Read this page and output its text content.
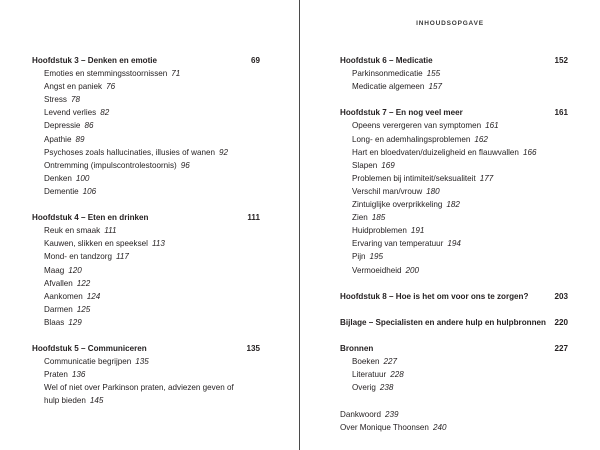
INHOUDSOPGAVE
Hoofdstuk 3 – Denken en emotie	69
Emoties en stemmingsstoornissen 71
Angst en paniek 76
Stress 78
Levend verlies 82
Depressie 86
Apathie 89
Psychoses zoals hallucinaties, illusies of wanen 92
Ontremming (impulscontrolestoornis) 96
Denken 100
Dementie 106
Hoofdstuk 4 – Eten en drinken	111
Reuk en smaak 111
Kauwen, slikken en speeksel 113
Mond- en tandzorg 117
Maag 120
Afvallen 122
Aankomen 124
Darmen 125
Blaas 129
Hoofdstuk 5 – Communiceren	135
Communicatie begrijpen 135
Praten 136
Wel of niet over Parkinson praten, adviezen geven of
hulp bieden 145
Hoofdstuk 6 – Medicatie	152
Parkinsonmedicatie 155
Medicatie algemeen 157
Hoofdstuk 7 – En nog veel meer	161
Opeens verergeren van symptomen 161
Long- en ademhalingsproblemen 162
Hart en bloedvaten/duizeligheid en flauwvallen 166
Slapen 169
Problemen bij intimiteit/seksualiteit 177
Verschil man/vrouw 180
Zintuiglijke overprikkeling 182
Zien 185
Huidproblemen 191
Ervaring van temperatuur 194
Pijn 195
Vermoeidheid 200
Hoofdstuk 8 – Hoe is het om voor ons te zorgen?	203
Bijlage – Specialisten en andere hulp en hulpbronnen 220
Bronnen	227
Boeken 227
Literatuur 228
Overig 238
Dankwoord 239
Over Monique Thoonsen 240
